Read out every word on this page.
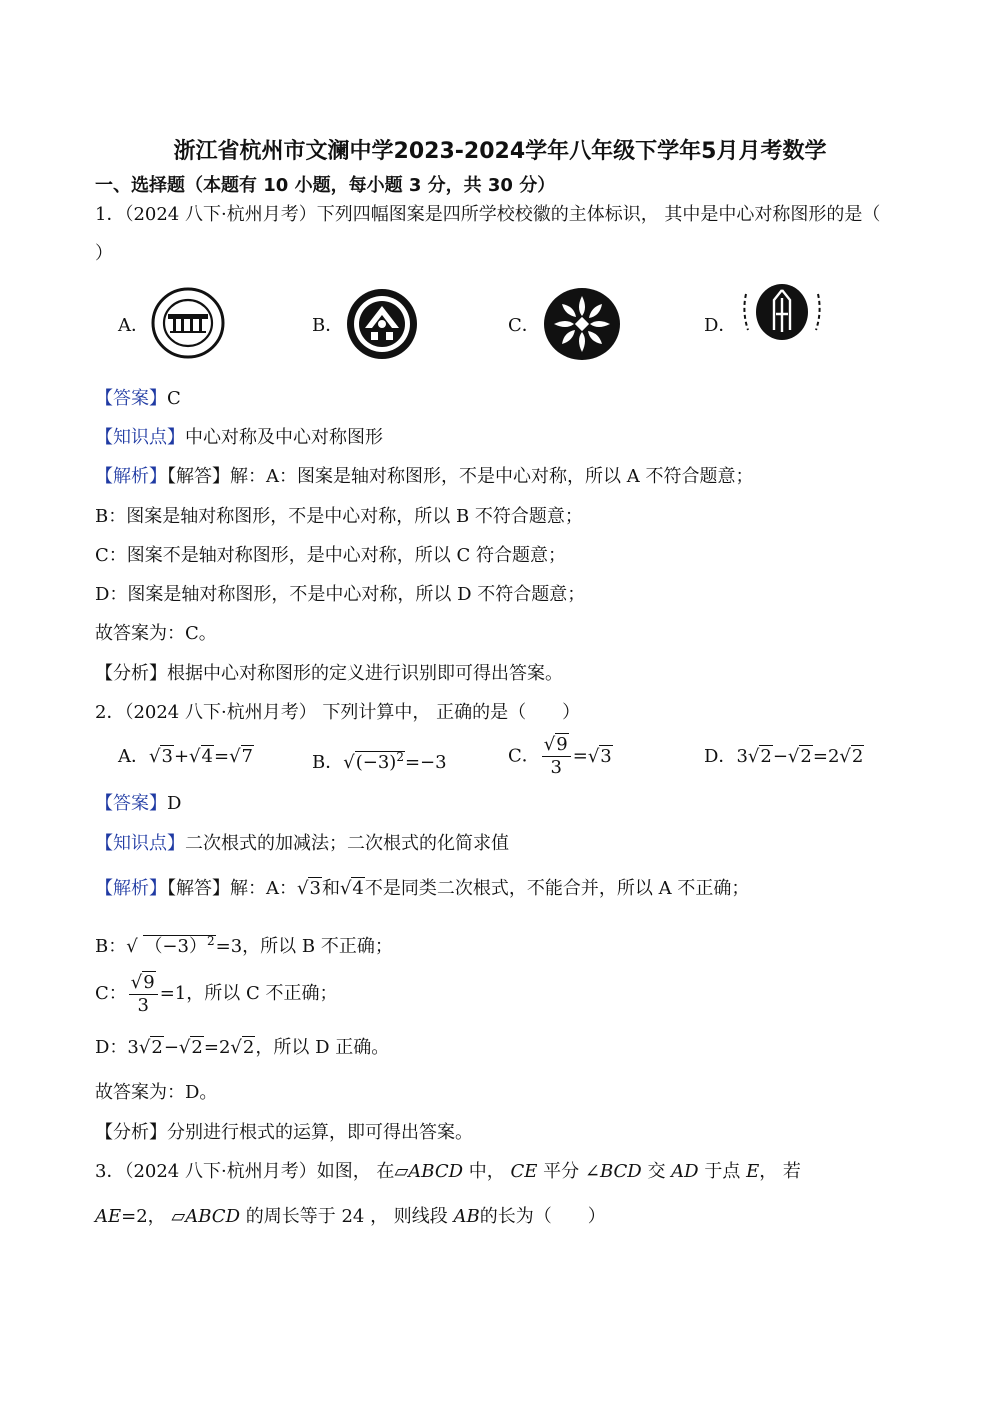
浙江省杭州市文澜中学2023-2024学年八年级下学年5月月考数学
一、选择题（本题有 10 小题，每小题 3 分，共 30 分）
1．（2024 八下·杭州月考）下列四幅图案是四所学校校徽的主体标识， 其中是中心对称图形的是（
）
A．	B．	C．	D．
【答案】C
【知识点】中心对称及中心对称图形
【解析】【解答】解：A：图案是轴对称图形，不是中心对称，所以 A 不符合题意；
B：图案是轴对称图形，不是中心对称，所以 B 不符合题意；
C：图案不是轴对称图形，是中心对称，所以 C 符合题意；
D：图案是轴对称图形，不是中心对称，所以 D 不符合题意；
故答案为：C。
【分析】根据中心对称图形的定义进行识别即可得出答案。
2．（2024 八下·杭州月考） 下列计算中， 正确的是（　　）
A．√3+√4=√7	B．$√(-3)^2=-3$	C． $\frac{√9}{3} =√3$	D．3√2−√2=2√2
【答案】D
【知识点】二次根式的加减法；二次根式的化简求值
【解析】【解答】解：A：√3和√4不是同类二次根式，不能合并，所以 A 不正确；
B：√ $(-3)^2=3$，所以 B 不正确；
C： $\frac{√9}{3} =1$，所以 C 不正确；
D：3√2−√2=2√2，所以 D 正确。
故答案为：D。
【分析】分别进行根式的运算，即可得出答案。
3．（2024 八下·杭州月考）如图， 在▱ABCD 中， CE 平分 ∠BCD 交 AD 于点 E， 若
AE=2， ▱ABCD 的周长等于 24 ， 则线段 AB的长为（　　）
